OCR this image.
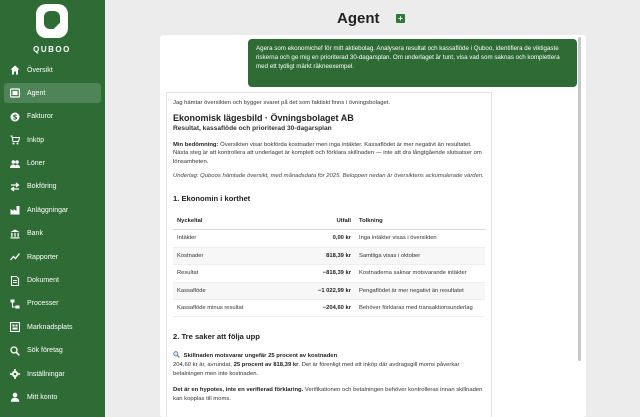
QUBOO
Översikt
Agent
$ Fakturor
Inköp
Löner
Bokföring
Anläggningar
Bank
Rapporter
Dokument
Processer
Marknadsplats
Sök företag
Inställningar
Mitt konto
Agent +
Agera som ekonomichef för mitt aktiebolag. Analysera resultat och kassaflöde i Quboo, identifiera de viktigaste riskerna och ge mig en prioriterad 30-dagarsplan. Om underlaget är tunt, visa vad som saknas och komplettera med ett tydligt märkt räkneexempel.
Jag hämtar översikten och bygger svaret på det som faktiskt finns i övningsbolaget.
Ekonomisk lägesbild · Övningsbolaget AB
Resultat, kassaflöde och prioriterad 30-dagarsplan
Min bedömning: Översikten visar bokförda kostnader men inga intäkter. Kassaflödet är mer negativt än resultatet. Nästa steg är att kontrollera att underlaget är komplett och förklara skillnaden — inte att dra långtgående slutsatser om lönsamheten.
Underlag: Quboos hämtade översikt, med månadsdata för 2025. Beloppen nedan är översiktens ackumulerade värden.
1. Ekonomin i korthet
Nyckeltal	Utfall	Tolkning
Intäkter	0,00 kr	Inga intäkter visas i översikten
Kostnader	818,39 kr	Samtliga visas i oktober
Resultat	−818,39 kr	Kostnaderna saknar motsvarande intäkter
Kassaflöde	−1 022,99 kr	Pengaflödet är mer negativt än resultatet
Kassaflöde minus resultat	−204,60 kr	Behöver förklaras med transaktionsunderlag
2. Tre saker att följa upp
Skillnaden motsvarar ungefär 25 procent av kostnaden
204,60 kr är, avrundat, 25 procent av 818,39 kr. Det är förenligt med ett inköp där avdragsgill moms påverkar betalningen men inte kostnaden.
Det är en hypotes, inte en verifierad förklaring. Verifikationen och betalningen behöver kontrolleras innan skillnaden kan kopplas till moms.
